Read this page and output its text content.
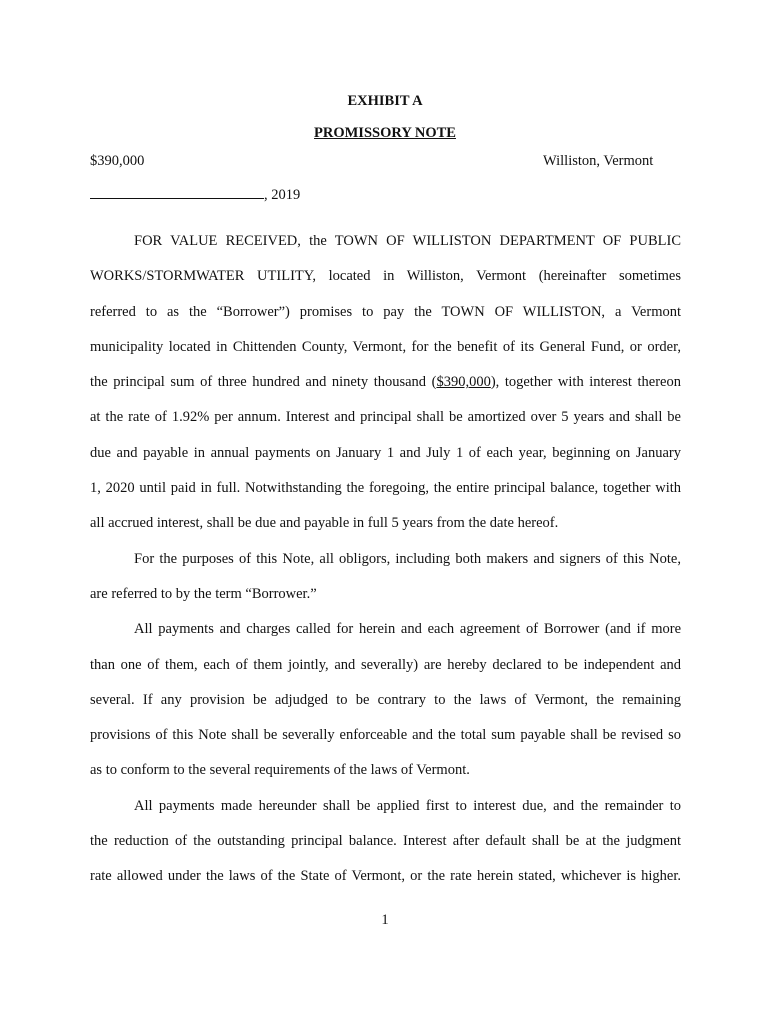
EXHIBIT A
PROMISSORY NOTE
$390,000	Williston, Vermont
, 2019
FOR VALUE RECEIVED, the TOWN OF WILLISTON DEPARTMENT OF PUBLIC
WORKS/STORMWATER UTILITY, located in Williston, Vermont (hereinafter sometimes
referred to as the “Borrower”) promises to pay the TOWN OF WILLISTON, a Vermont
municipality located in Chittenden County, Vermont, for the benefit of its General Fund, or order,
the principal sum of three hundred and ninety thousand ($390,000), together with interest thereon
at the rate of 1.92% per annum. Interest and principal shall be amortized over 5 years and shall be
due and payable in annual payments on January 1 and July 1 of each year, beginning on January
1, 2020 until paid in full. Notwithstanding the foregoing, the entire principal balance, together with
all accrued interest, shall be due and payable in full 5 years from the date hereof.
For the purposes of this Note, all obligors, including both makers and signers of this Note,
are referred to by the term “Borrower.”
All payments and charges called for herein and each agreement of Borrower (and if more
than one of them, each of them jointly, and severally) are hereby declared to be independent and
several. If any provision be adjudged to be contrary to the laws of Vermont, the remaining
provisions of this Note shall be severally enforceable and the total sum payable shall be revised so
as to conform to the several requirements of the laws of Vermont.
All payments made hereunder shall be applied first to interest due, and the remainder to
the reduction of the outstanding principal balance. Interest after default shall be at the judgment
rate allowed under the laws of the State of Vermont, or the rate herein stated, whichever is higher.
1
